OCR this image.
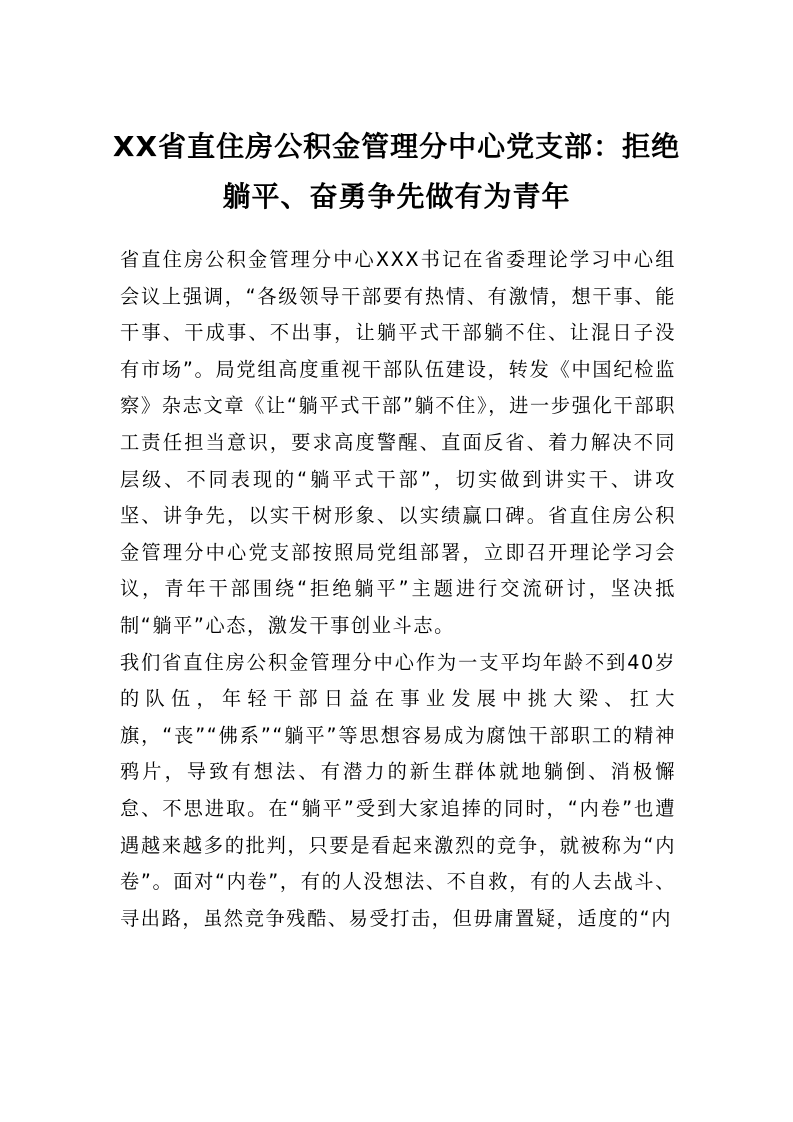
XX省直住房公积金管理分中心党支部：拒绝躺平、奋勇争先做有为青年

省直住房公积金管理分中心XXX书记在省委理论学习中心组会议上强调，“各级领导干部要有热情、有激情，想干事、能干事、干成事、不出事，让躺平式干部躺不住、让混日子没有市场”。局党组高度重视干部队伍建设，转发《中国纪检监察》杂志文章《让“躺平式干部”躺不住》，进一步强化干部职工责任担当意识，要求高度警醒、直面反省、着力解决不同层级、不同表现的“躺平式干部”，切实做到讲实干、讲攻坚、讲争先，以实干树形象、以实绩赢口碑。省直住房公积金管理分中心党支部按照局党组部署，立即召开理论学习会议，青年干部围绕“拒绝躺平”主题进行交流研讨，坚决抵制“躺平”心态，激发干事创业斗志。

我们省直住房公积金管理分中心作为一支平均年龄不到40岁的队伍，年轻干部日益在事业发展中挑大梁、扛大旗，“丧”“佛系”“躺平”等思想容易成为腐蚀干部职工的精神鸦片，导致有想法、有潜力的新生群体就地躺倒、消极懈怠、不思进取。在“躺平”受到大家追捧的同时，“内卷”也遭遇越来越多的批判，只要是看起来激烈的竞争，就被称为“内卷”。面对“内卷”，有的人没想法、不自救，有的人去战斗、寻出路，虽然竞争残酷、易受打击，但毋庸置疑，适度的“内
